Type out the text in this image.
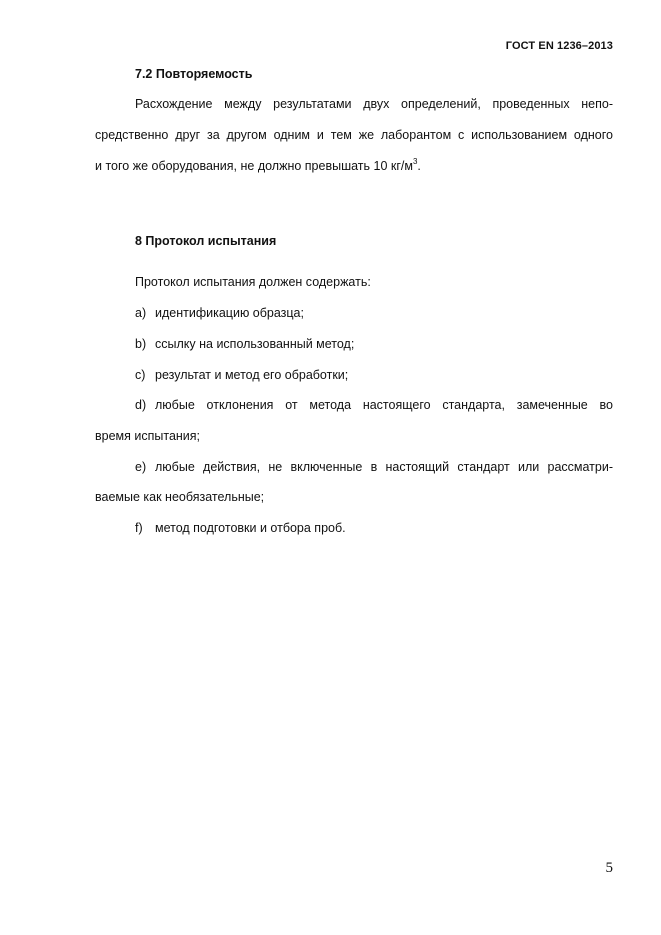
ГОСТ EN 1236–2013
7.2 Повторяемость
Расхождение между результатами двух определений, проведенных непо-
средственно друг за другом одним и тем же лаборантом с использованием одного
и того же оборудования, не должно превышать 10 $кг/м^3$.
8 Протокол испытания
Протокол испытания должен содержать:
a) идентификацию образца;
b) ссылку на использованный метод;
c) результат и метод его обработки;
d) любые отклонения от метода настоящего стандарта, замеченные во
время испытания;
e) любые действия, не включенные в настоящий стандарт или рассматри-
ваемые как необязательные;
f) метод подготовки и отбора проб.
5
